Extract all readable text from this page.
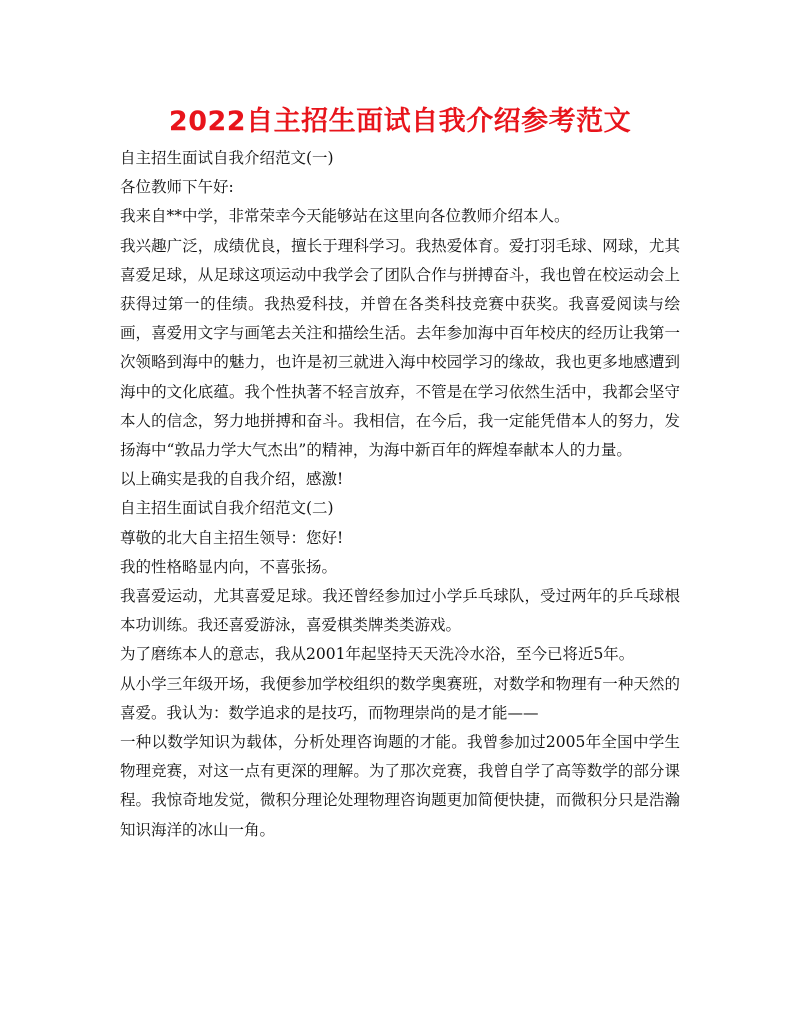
2022自主招生面试自我介绍参考范文

自主招生面试自我介绍范文(一)

各位教师下午好:

我来自**中学，非常荣幸今天能够站在这里向各位教师介绍本人。

我兴趣广泛，成绩优良，擅长于理科学习。我热爱体育。爱打羽毛球、网球，尤其喜爱足球，从足球这项运动中我学会了团队合作与拼搏奋斗，我也曾在校运动会上获得过第一的佳绩。我热爱科技，并曾在各类科技竞赛中获奖。我喜爱阅读与绘画，喜爱用文字与画笔去关注和描绘生活。去年参加海中百年校庆的经历让我第一次领略到海中的魅力，也许是初三就进入海中校园学习的缘故，我也更多地感遭到海中的文化底蕴。我个性执著不轻言放弃，不管是在学习依然生活中，我都会坚守本人的信念，努力地拼搏和奋斗。我相信，在今后，我一定能凭借本人的努力，发扬海中“敦品力学大气杰出”的精神，为海中新百年的辉煌奉献本人的力量。

以上确实是我的自我介绍，感激!

自主招生面试自我介绍范文(二)

尊敬的北大自主招生领导：您好!

我的性格略显内向，不喜张扬。

我喜爱运动，尤其喜爱足球。我还曾经参加过小学乒乓球队，受过两年的乒乓球根本功训练。我还喜爱游泳，喜爱棋类牌类类游戏。

为了磨练本人的意志，我从2001年起坚持天天洗冷水浴，至今已将近5年。

从小学三年级开场，我便参加学校组织的数学奥赛班，对数学和物理有一种天然的喜爱。我认为：数学追求的是技巧，而物理崇尚的是才能——

一种以数学知识为载体，分析处理咨询题的才能。我曾参加过2005年全国中学生物理竞赛，对这一点有更深的理解。为了那次竞赛，我曾自学了高等数学的部分课程。我惊奇地发觉，微积分理论处理物理咨询题更加简便快捷，而微积分只是浩瀚知识海洋的冰山一角。
